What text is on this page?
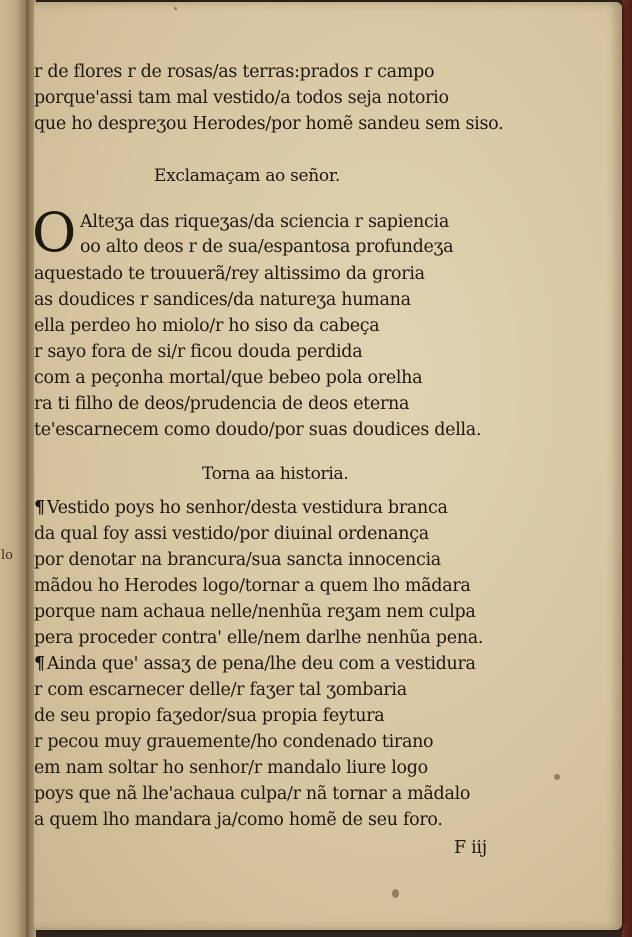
lo
r de flores r de rosas/as terras:prados r campo
porque'assi tam mal vestido/a todos seja notorio
que ho despreʒou Herodes/por homẽ sandeu sem siso.
Exclamaçam ao señor.
O Alteʒa das riqueʒas/da sciencia r sapiencia
oo alto deos r de sua/espantosa profundeʒa
aquestado te trouuerã/rey altissimo da groria
as doudices r sandices/da natureʒa humana
ella perdeo ho miolo/r ho siso da cabeça
r sayo fora de si/r ficou douda perdida
com a peçonha mortal/que bebeo pola orelha
ra ti filho de deos/prudencia de deos eterna
te'escarnecem como doudo/por suas doudices della.
Torna aa historia.
¶ Vestido poys ho senhor/desta vestidura branca
da qual foy assi vestido/por diuinal ordenança
por denotar na brancura/sua sancta innocencia
mãdou ho Herodes logo/tornar a quem lho mãdara
porque nam achaua nelle/nenhũa reʒam nem culpa
pera proceder contra' elle/nem darlhe nenhũa pena.
¶ Ainda que' assaʒ de pena/lhe deu com a vestidura
r com escarnecer delle/r faʒer tal ʒombaria
de seu propio faʒedor/sua propia feytura
r pecou muy grauemente/ho condenado tirano
em nam soltar ho senhor/r mandalo liure logo
poys que nã lhe'achaua culpa/r nã tornar a mãdalo
a quem lho mandara ja/como homẽ de seu foro.
F iij
